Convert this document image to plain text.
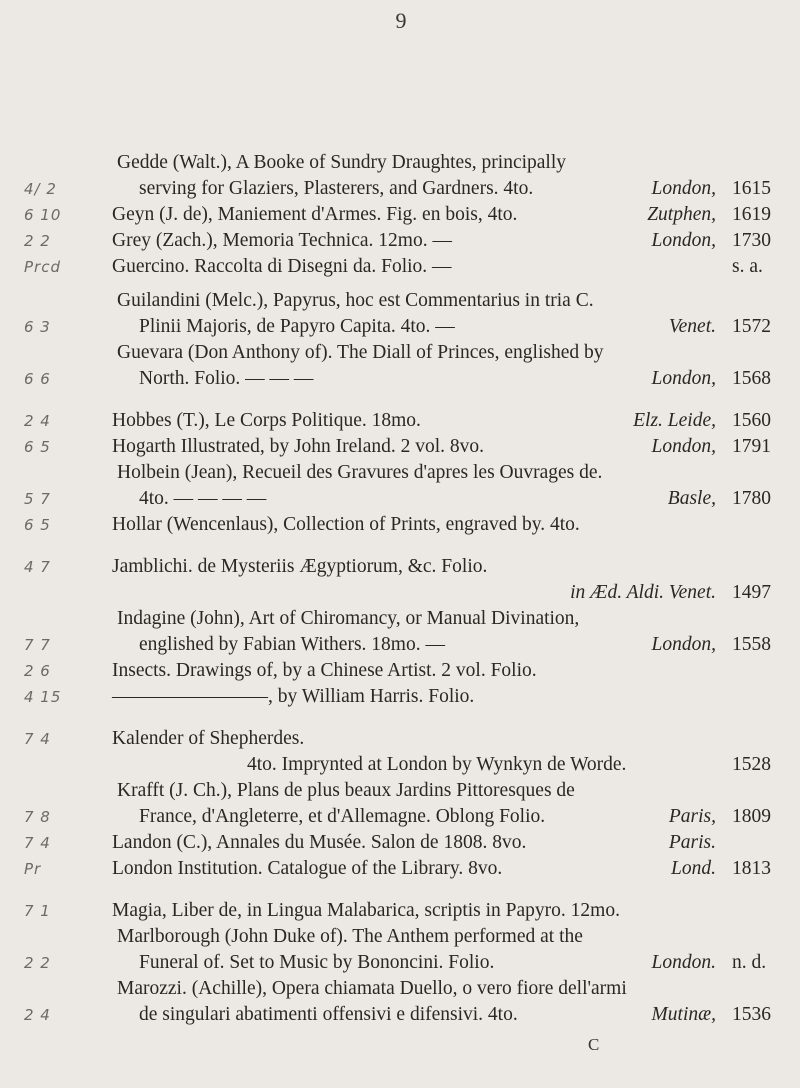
9
Gedde (Walt.), A Booke of Sundry Draughtes, principally
4/ 2	serving for Glaziers, Plasterers, and Gardners. 4to.	London, 1615
6 10	Geyn (J. de), Maniement d'Armes. Fig. en bois, 4to.	Zutphen, 1619
2 2	Grey (Zach.), Memoria Technica. 12mo. —	London, 1730
Prcd	Guercino. Raccolta di Disegni da. Folio. —	s. a.
Guilandini (Melc.), Papyrus, hoc est Commentarius in tria C.
6 3	Plinii Majoris, de Papyro Capita. 4to. —	Venet. 1572
Guevara (Don Anthony of). The Diall of Princes, englished by
6 6	North. Folio. — — —	London, 1568
2 4	Hobbes (T.), Le Corps Politique. 18mo.	Elz. Leide, 1560
6 5	Hogarth Illustrated, by John Ireland. 2 vol. 8vo.	London, 1791
Holbein (Jean), Recueil des Gravures d'apres les Ouvrages de.
5 7	4to. — — — —	Basle, 1780
6 5	Hollar (Wencenlaus), Collection of Prints, engraved by. 4to.
4 7	Jamblichi. de Mysteriis Ægyptiorum, &c. Folio.
in Æd. Aldi. Venet. 1497
Indagine (John), Art of Chiromancy, or Manual Divination,
7 7	englished by Fabian Withers. 18mo. —	London, 1558
2 6	Insects. Drawings of, by a Chinese Artist. 2 vol. Folio.
4 15	————————, by William Harris. Folio.
7 4	Kalender of Shepherdes.
4to. Imprynted at London by Wynkyn de Worde.	1528
Krafft (J. Ch.), Plans de plus beaux Jardins Pittoresques de
7 8	France, d'Angleterre, et d'Allemagne. Oblong Folio.	Paris, 1809
7 4	Landon (C.), Annales du Musée. Salon de 1808. 8vo.	Paris.
Pr	London Institution. Catalogue of the Library. 8vo.	Lond. 1813
7 1	Magia, Liber de, in Lingua Malabarica, scriptis in Papyro. 12mo.
Marlborough (John Duke of). The Anthem performed at the
2 2	Funeral of. Set to Music by Bononcini. Folio.	London. n. d.
Marozzi. (Achille), Opera chiamata Duello, o vero fiore dell'armi
2 4	de singulari abatimenti offensivi e difensivi. 4to.	Mutinæ, 1536
C
